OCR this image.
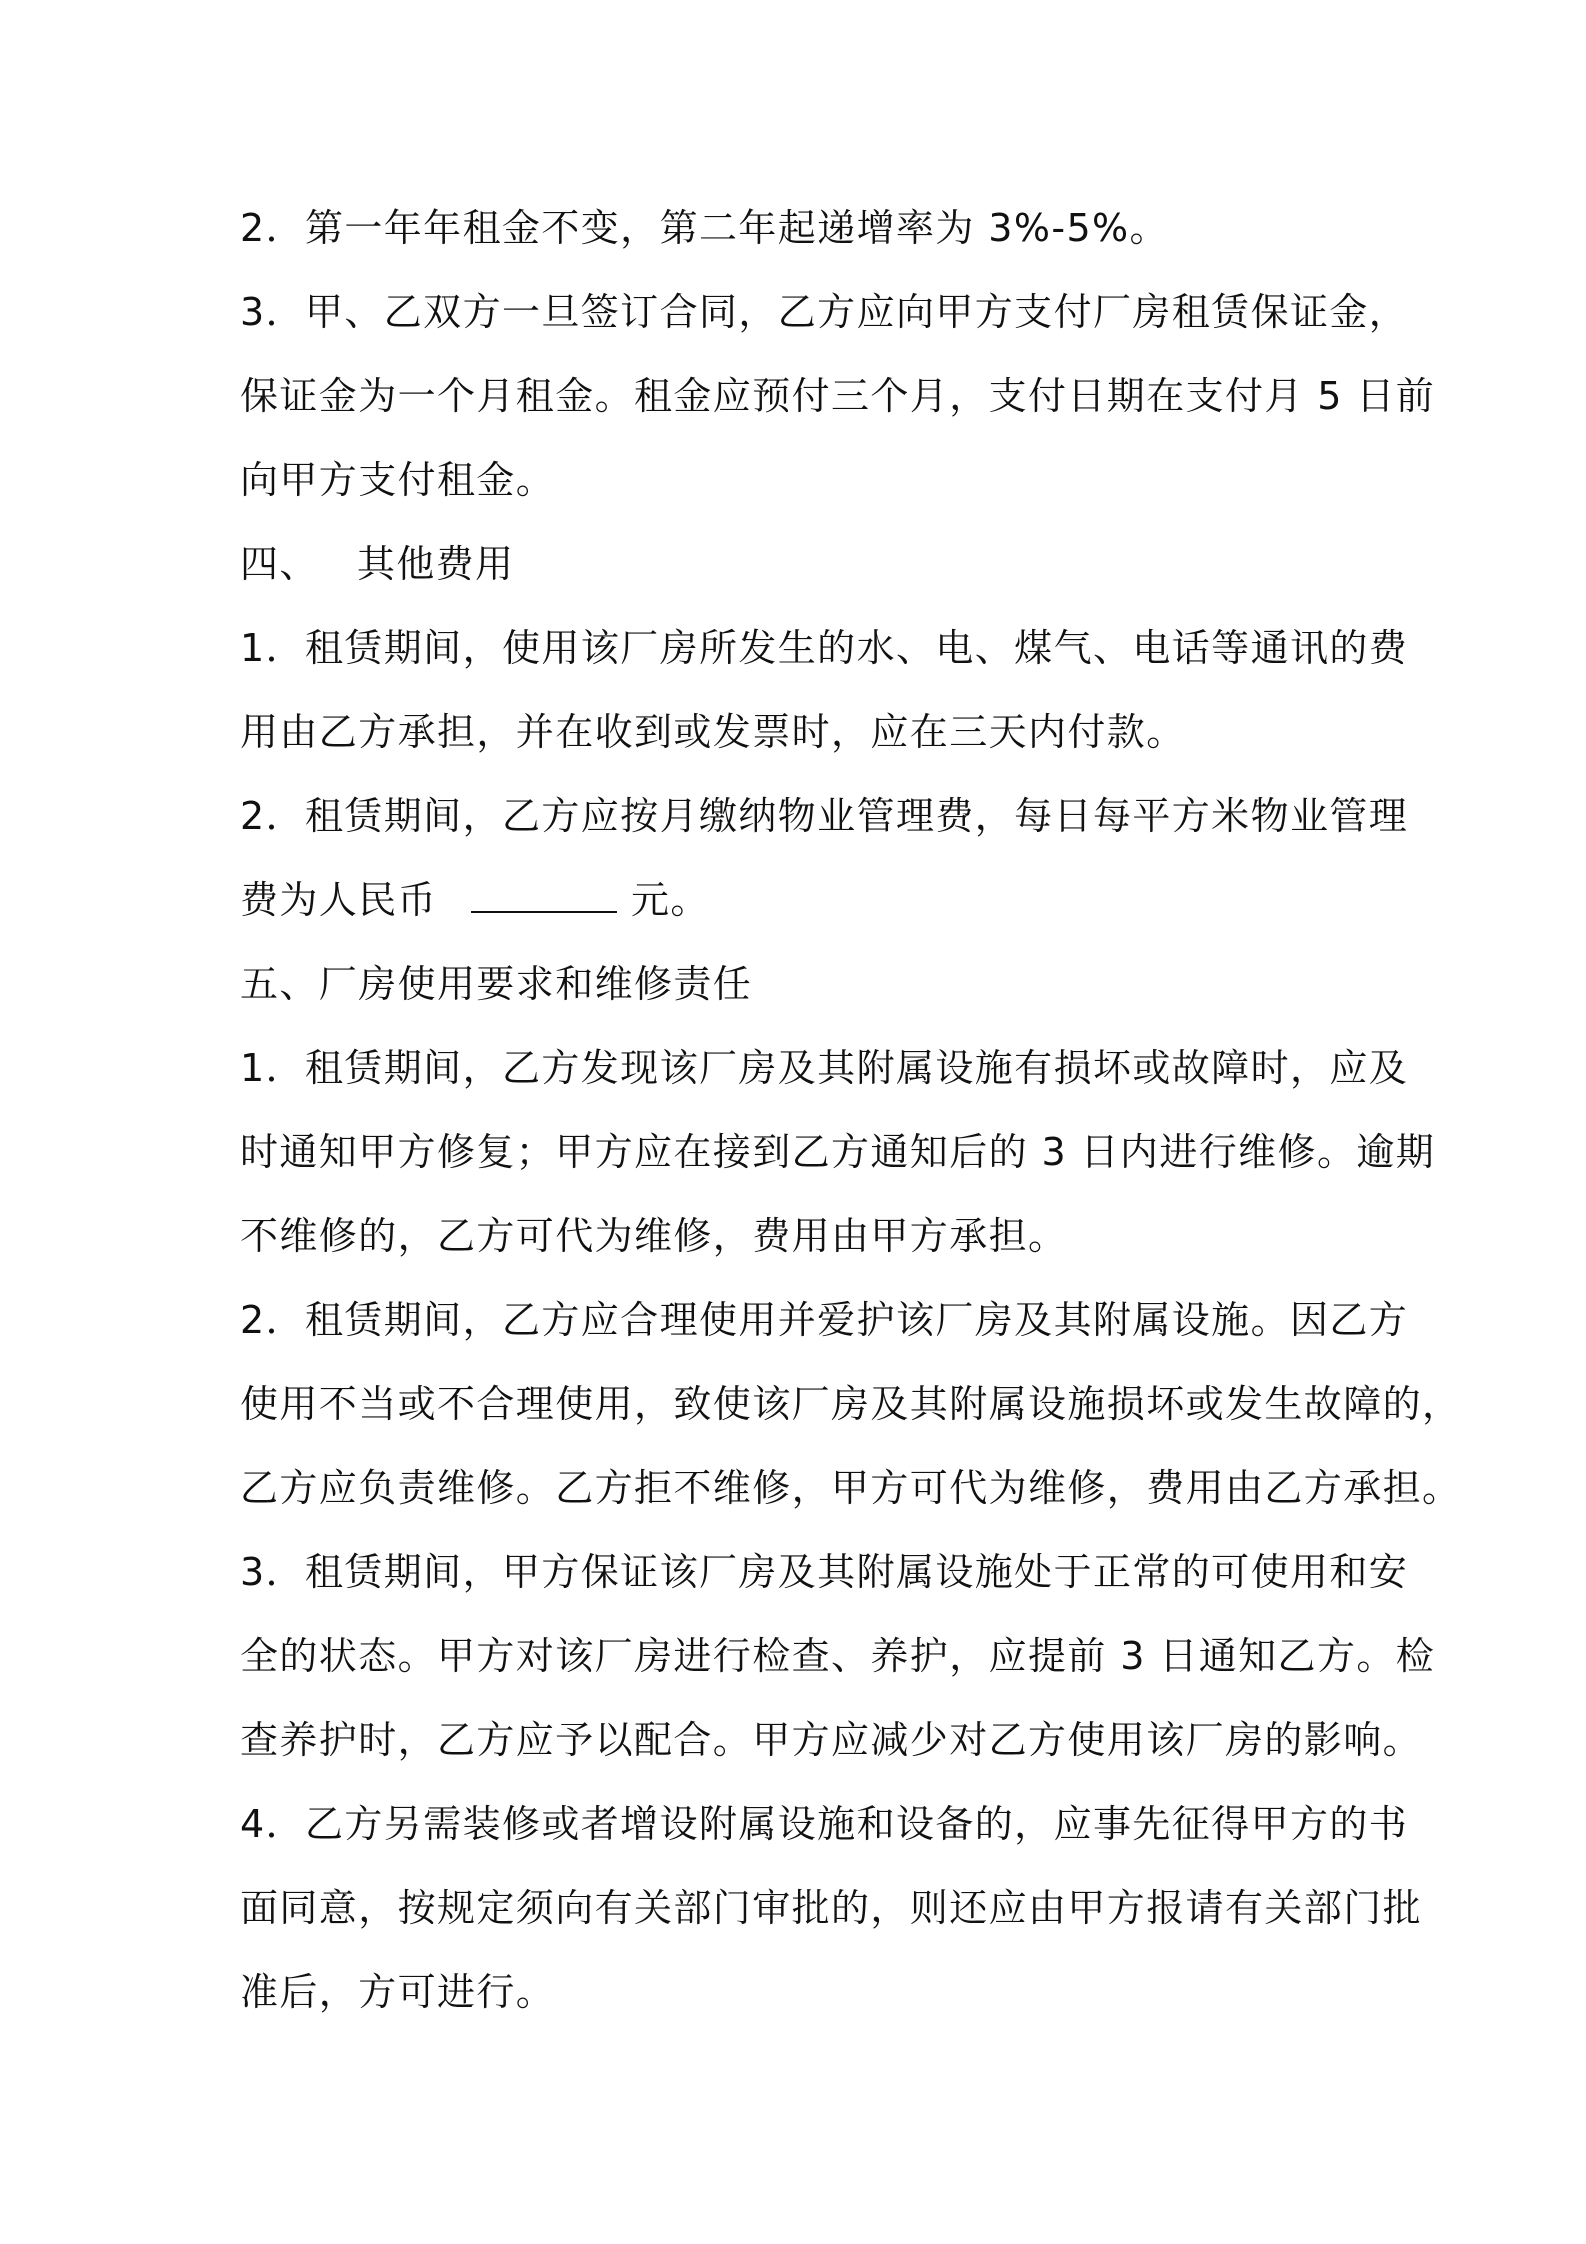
2．第一年年租金不变，第二年起递增率为 3%-5%。
3．甲、乙双方一旦签订合同，乙方应向甲方支付厂房租赁保证金，
保证金为一个月租金。租金应预付三个月，支付日期在支付月 5 日前
向甲方支付租金。
四、 其他费用
1．租赁期间，使用该厂房所发生的水、电、煤气、电话等通讯的费
用由乙方承担，并在收到或发票时，应在三天内付款。
2．租赁期间，乙方应按月缴纳物业管理费，每日每平方米物业管理
费为人民币	元。
五、厂房使用要求和维修责任
1．租赁期间，乙方发现该厂房及其附属设施有损坏或故障时，应及
时通知甲方修复；甲方应在接到乙方通知后的 3 日内进行维修。逾期
不维修的，乙方可代为维修，费用由甲方承担。
2．租赁期间，乙方应合理使用并爱护该厂房及其附属设施。因乙方
使用不当或不合理使用，致使该厂房及其附属设施损坏或发生故障的，
乙方应负责维修。乙方拒不维修，甲方可代为维修，费用由乙方承担。
3．租赁期间，甲方保证该厂房及其附属设施处于正常的可使用和安
全的状态。甲方对该厂房进行检查、养护，应提前 3 日通知乙方。检
查养护时，乙方应予以配合。甲方应减少对乙方使用该厂房的影响。
4．乙方另需装修或者增设附属设施和设备的，应事先征得甲方的书
面同意，按规定须向有关部门审批的，则还应由甲方报请有关部门批
准后，方可进行。
